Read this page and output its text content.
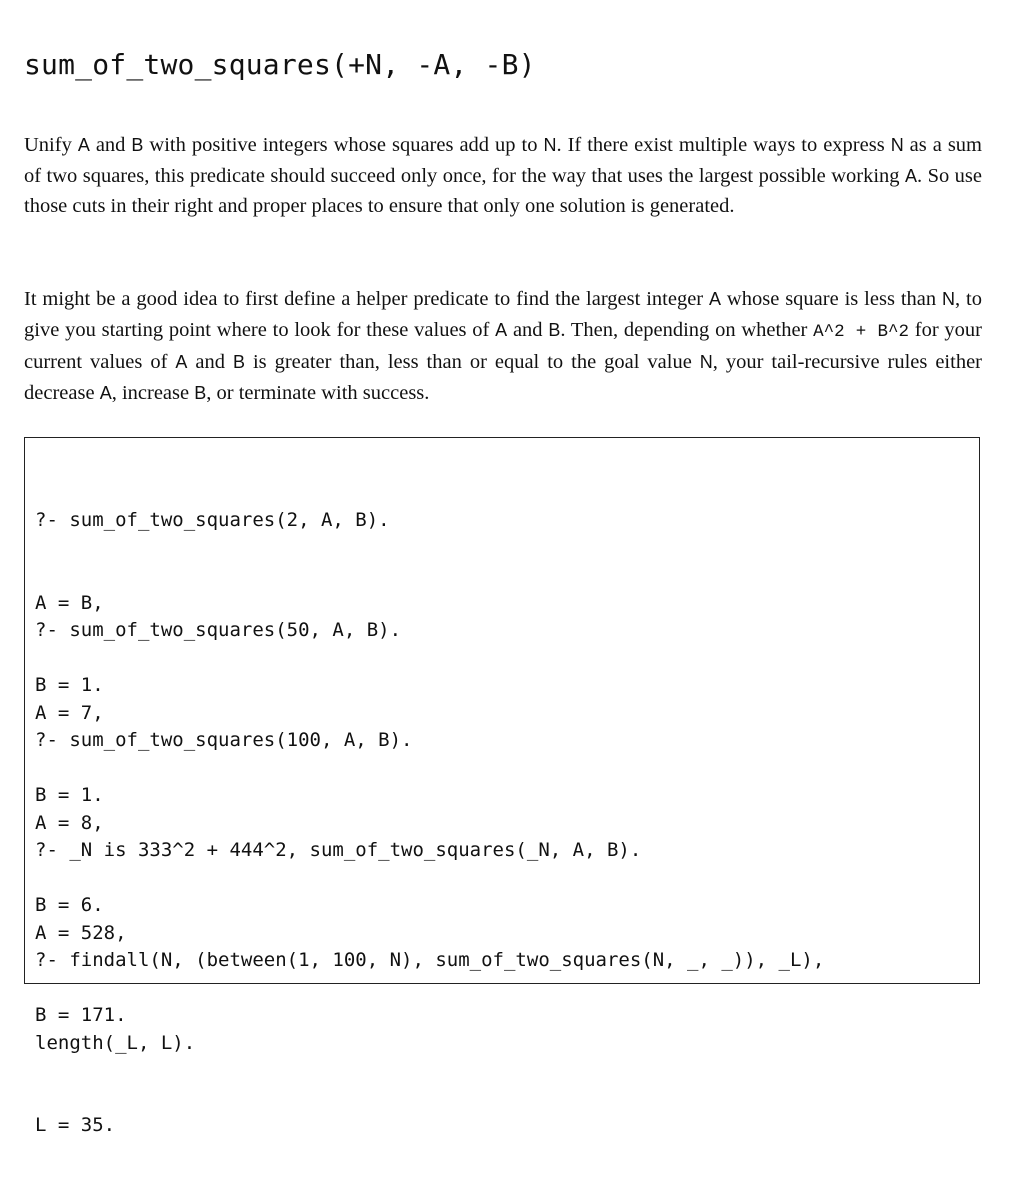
sum_of_two_squares(+N, -A, -B)

Unify A and B with positive integers whose squares add up to N. If there exist multiple ways to express N as a sum of two squares, this predicate should succeed only once, for the way that uses the largest possible working A. So use those cuts in their right and proper places to ensure that only one solution is generated.

It might be a good idea to first define a helper predicate to find the largest integer A whose square is less than N, to give you starting point where to look for these values of A and B. Then, depending on whether A^2 + B^2 for your current values of A and B is greater than, less than or equal to the goal value N, your tail-recursive rules either decrease A, increase B, or terminate with success.

?- sum_of_two_squares(2, A, B).

A = B,

B = 1.

?- sum_of_two_squares(50, A, B).

A = 7,

B = 1.

?- sum_of_two_squares(100, A, B).

A = 8,

B = 6.

?- _N is 333^2 + 444^2, sum_of_two_squares(_N, A, B).

A = 528,

B = 171.

?- findall(N, (between(1, 100, N), sum_of_two_squares(N, _, _)), _L),

length(_L, L).

L = 35.
